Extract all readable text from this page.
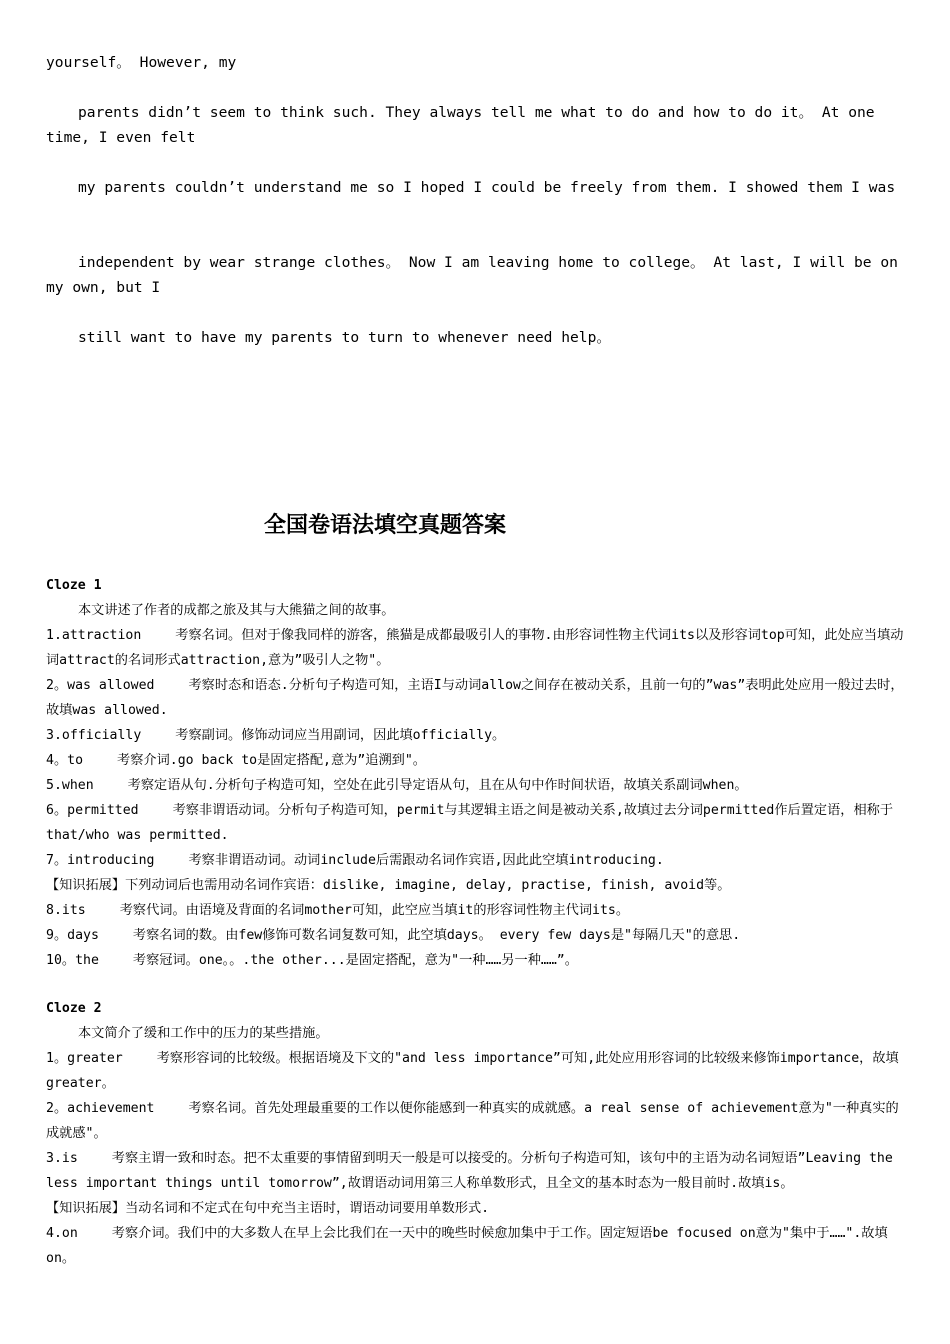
yourself。 However, my
parents didn’t seem to think such. They always tell me what to do and how to do it。 At one time, I even felt
my parents couldn’t understand me so I hoped I could be freely from them. I showed them I was
independent by wear strange clothes。 Now I am leaving home to college。 At last, I will be on my own, but I
still want to have my parents to turn to whenever need help。
全国卷语法填空真题答案

Cloze 1

本文讲述了作者的成都之旅及其与大熊猫之间的故事。

1.attraction	考察名词。但对于像我同样的游客，熊猫是成都最吸引人的事物.由形容词性物主代词its以及形容词top可知，此处应当填动词attract的名词形式attraction,意为”吸引人之物"。

2。was allowed	考察时态和语态.分析句子构造可知，主语I与动词allow之间存在被动关系，且前一句的”was”表明此处应用一般过去时，故填was allowed.

3.officially	考察副词。修饰动词应当用副词，因此填officially。

4。to	考察介词.go back to是固定搭配,意为”追溯到"。

5.when	考察定语从句.分析句子构造可知，空处在此引导定语从句，且在从句中作时间状语，故填关系副词when。

6。permitted	考察非谓语动词。分析句子构造可知，permit与其逻辑主语之间是被动关系,故填过去分词permitted作后置定语，相称于that/who was permitted.

7。introducing	考察非谓语动词。动词include后需跟动名词作宾语,因此此空填introducing.

【知识拓展】下列动词后也需用动名词作宾语：dislike, imagine, delay, practise, finish, avoid等。

8.its	考察代词。由语境及背面的名词mother可知，此空应当填it的形容词性物主代词its。

9。days	考察名词的数。由few修饰可数名词复数可知，此空填days。 every few days是"每隔几天"的意思.

10。the	考察冠词。one。。.the other...是固定搭配，意为"一种……另一种……”。

Cloze 2

本文简介了缓和工作中的压力的某些措施。

1。greater	考察形容词的比较级。根据语境及下文的"and less importance”可知,此处应用形容词的比较级来修饰importance，故填greater。

2。achievement	考察名词。首先处理最重要的工作以便你能感到一种真实的成就感。a real sense of achievement意为"一种真实的成就感"。

3.is	考察主谓一致和时态。把不太重要的事情留到明天一般是可以接受的。分析句子构造可知，该句中的主语为动名词短语”Leaving the less important things until tomorrow”,故谓语动词用第三人称单数形式，且全文的基本时态为一般目前时.故填is。

【知识拓展】当动名词和不定式在句中充当主语时，谓语动词要用单数形式.

4.on	考察介词。我们中的大多数人在早上会比我们在一天中的晚些时候愈加集中于工作。固定短语be focused on意为"集中于……".故填on。
